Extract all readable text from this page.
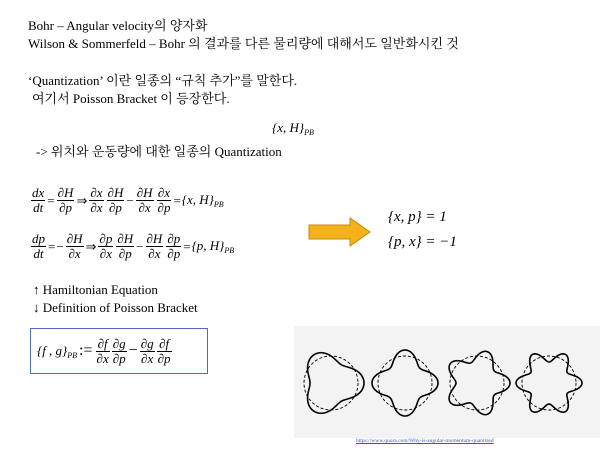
Bohr – Angular velocity의 양자화
Wilson & Sommerfeld – Bohr 의 결과를 다른 물리량에 대해서도 일반화시킨 것
‘Quantization’ 이란 일종의 “규칙 추가”를 말한다.
여기서 Poisson Bracket 이 등장한다.
{x, $H\}_{PB}$
-> 위치와 운동량에 대한 일종의 Quantization
$\frac{dx}{dt} = \frac{\partial H}{\partial p}$ ⇒ $\frac{\partial x}{\partial x} \frac{\partial H}{\partial p} - \frac{\partial H}{\partial x} \frac{\partial x}{\partial p} = \{x$, $H\}_{PB}$
$\frac{dp}{dt}$ = − $\frac{\partial H}{\partial x}$ ⇒ $\frac{\partial p}{\partial x} \frac{\partial H}{\partial p} - \frac{\partial H}{\partial x} \frac{\partial p}{\partial p} = \{p$, $H\}_{PB}$
{x, p} = 1
{p, x} = −1
↑ Hamiltonian Equation
↓ Definition of Poisson Bracket
{f , $g\}_{PB}$ := $\frac{\partial f}{\partial x} \frac{\partial g}{\partial p} - \frac{\partial g}{\partial x} \frac{\partial f}{\partial p}$
https://www.quora.com/Why-is-angular-momentum-quantized
